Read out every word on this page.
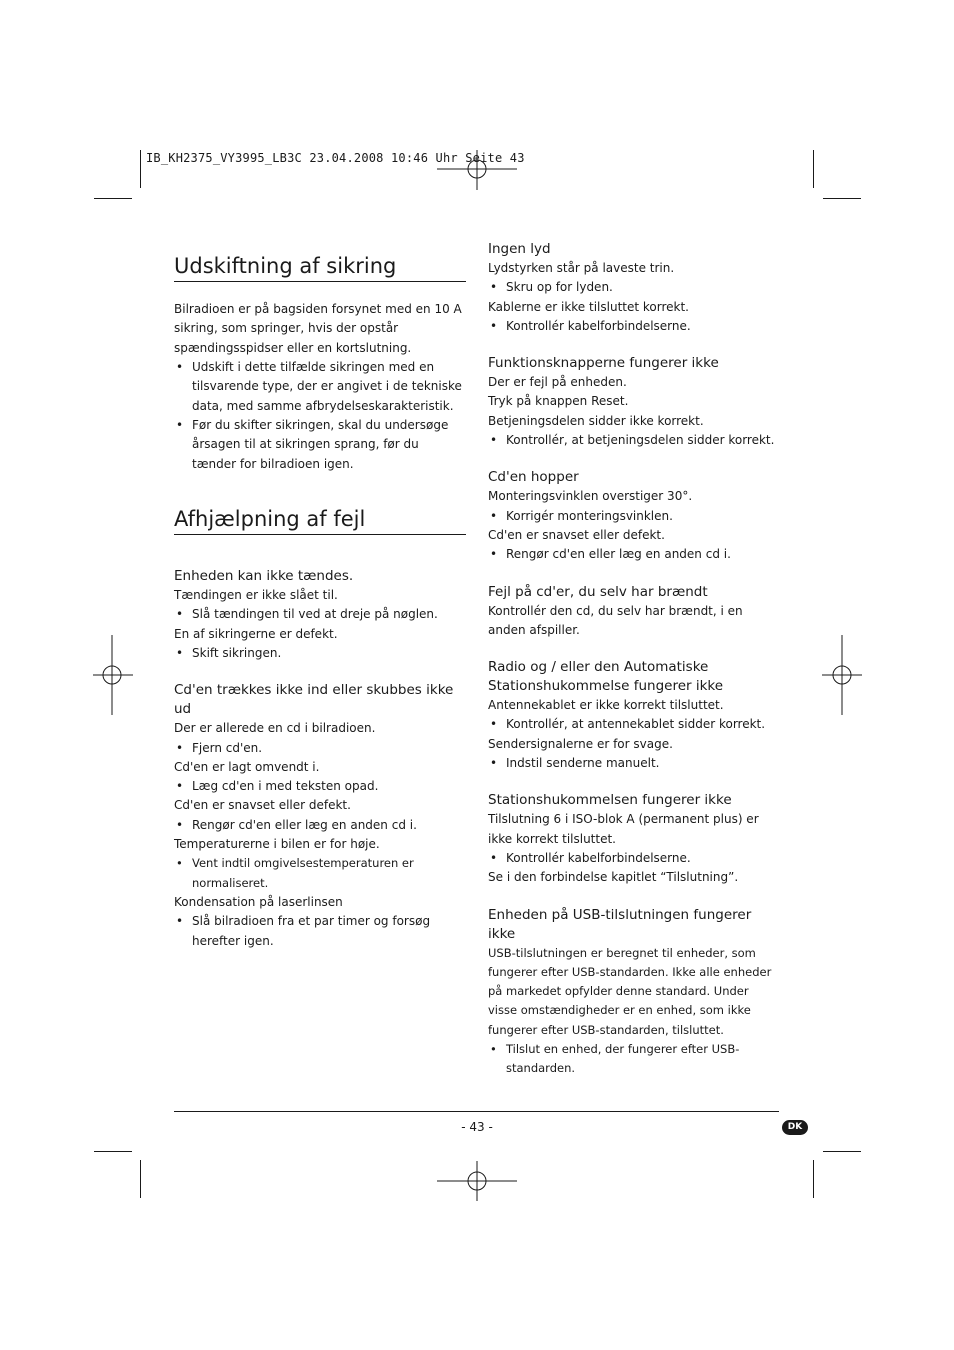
IB_KH2375_VY3995_LB3C 23.04.2008 10:46 Uhr Seite 43
Udskiftning af sikring

Bilradioen er på bagsiden forsynet med en 10 A sikring, som springer, hvis der opstår spændingsspidser eller en kortslutning.

• Udskift i dette tilfælde sikringen med en tilsvarende type, der er angivet i de tekniske data, med samme afbrydelseskarakteristik.

• Før du skifter sikringen, skal du undersøge årsagen til at sikringen sprang, før du tænder for bilradioen igen.

Afhjælpning af fejl
Enheden kan ikke tændes.

Tændingen er ikke slået til.

• Slå tændingen til ved at dreje på nøglen.

En af sikringerne er defekt.

• Skift sikringen.

Cd'en trækkes ikke ind eller skubbes ikke ud

Der er allerede en cd i bilradioen.

• Fjern cd'en.

Cd'en er lagt omvendt i.

• Læg cd'en i med teksten opad.

Cd'en er snavset eller defekt.

• Rengør cd'en eller læg en anden cd i.

Temperaturerne i bilen er for høje.

• Vent indtil omgivelsestemperaturen er normaliseret.

Kondensation på laserlinsen

• Slå bilradioen fra et par timer og forsøg herefter igen.

Ingen lyd

Lydstyrken står på laveste trin.

• Skru op for lyden.

Kablerne er ikke tilsluttet korrekt.

• Kontrollér kabelforbindelserne.

Funktionsknapperne fungerer ikke

Der er fejl på enheden.

Tryk på knappen Reset.

Betjeningsdelen sidder ikke korrekt.

• Kontrollér, at betjeningsdelen sidder korrekt.

Cd'en hopper

Monteringsvinklen overstiger 30°.

• Korrigér monteringsvinklen.

Cd'en er snavset eller defekt.

• Rengør cd'en eller læg en anden cd i.

Fejl på cd'er, du selv har brændt

Kontrollér den cd, du selv har brændt, i en anden afspiller.

Radio og / eller den Automatiske Stationshukommelse fungerer ikke

Antennekablet er ikke korrekt tilsluttet.

• Kontrollér, at antennekablet sidder korrekt.

Sendersignalerne er for svage.

• Indstil senderne manuelt.

Stationshukommelsen fungerer ikke

Tilslutning 6 i ISO-blok A (permanent plus) er ikke korrekt tilsluttet.

• Kontrollér kabelforbindelserne.

Se i den forbindelse kapitlet “Tilslutning”.

Enheden på USB-tilslutningen fungerer ikke

USB-tilslutningen er beregnet til enheder, som fungerer efter USB-standarden. Ikke alle enheder på markedet opfylder denne standard. Under visse omstændigheder er en enhed, som ikke fungerer efter USB-standarden, tilsluttet.

• Tilslut en enhed, der fungerer efter USB-standarden.

- 43 -	DK
